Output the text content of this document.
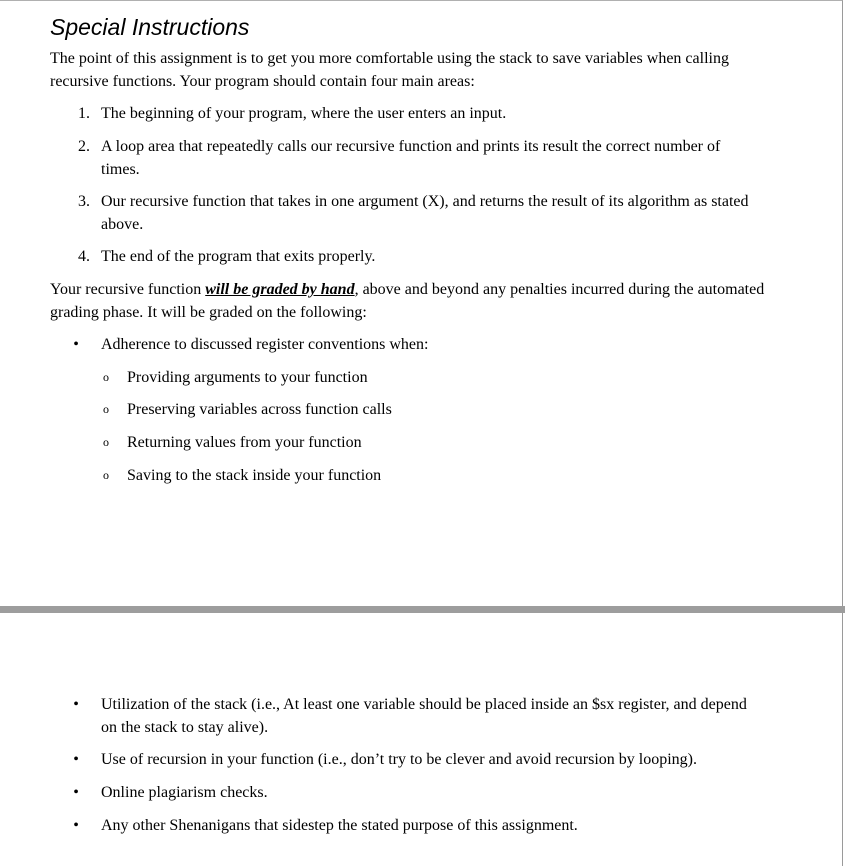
Special Instructions

The point of this assignment is to get you more comfortable using the stack to save variables when calling recursive functions. Your program should contain four main areas:

1. The beginning of your program, where the user enters an input.
2. A loop area that repeatedly calls our recursive function and prints its result the correct number of times.
3. Our recursive function that takes in one argument (X), and returns the result of its algorithm as stated above.
4. The end of the program that exits properly.

Your recursive function will be graded by hand, above and beyond any penalties incurred during the automated grading phase. It will be graded on the following:

• Adherence to discussed register conventions when:
o Providing arguments to your function
o Preserving variables across function calls
o Returning values from your function
o Saving to the stack inside your function
• Utilization of the stack (i.e., At least one variable should be placed inside an $sx register, and depend on the stack to stay alive).
• Use of recursion in your function (i.e., don’t try to be clever and avoid recursion by looping).
• Online plagiarism checks.
• Any other Shenanigans that sidestep the stated purpose of this assignment.
